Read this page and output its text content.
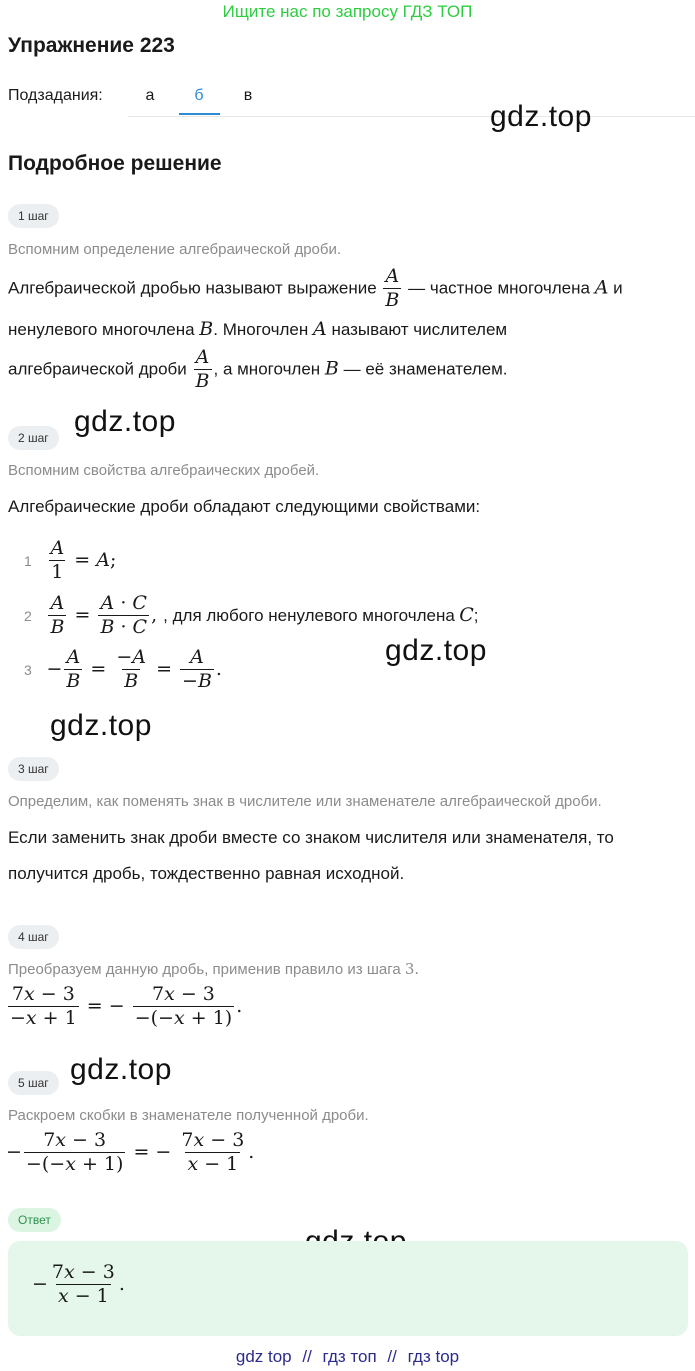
Ищите нас по запросу ГДЗ ТОП
Упражнение 223
Подзадания:	а	б	в
gdz.top
gdz.top
gdz.top
gdz.top
gdz.top
Подробное решение
1 шаг
Вспомним определение алгебраической дроби.
Алгебраической дробью называют выражение $\frac{A}{B}$ — частное многочлена A и
ненулевого многочлена B. Многочлен A называют числителем
алгебраической дроби $\frac{A}{B}$ , а многочлен B — её знаменателем.
2 шаг
Вспомним свойства алгебраических дробей.
Алгебраические дроби обладают следующими свойствами:
$1 \frac{A}{1} = A$;
$2 \frac{A}{B} = \frac{A \cdot C}{B \cdot C}$ , , для любого ненулевого многочлена C;
$3 - \frac{A}{B} = \frac{-A}{B} = \frac{A}{-B}$ .
3 шаг
Определим, как поменять знак в числителе или знаменателе алгебраической дроби.
Если заменить знак дроби вместе со знаком числителя или знаменателя, то
получится дробь, тождественно равная исходной.
4 шаг
Преобразуем данную дробь, применив правило из шага 3.
$\frac{7x - 3}{-x + 1}$ = − $\frac{7x - 3}{-(-x + 1)}$ .
5 шаг
Раскроем скобки в знаменателе полученной дроби.
− $\frac{7x - 3}{-(-x + 1)}$ = − $\frac{7x - 3}{x - 1}$ .
Ответ
− $\frac{7x - 3}{x - 1}$ .
gdz top // гдз топ // гдз top
